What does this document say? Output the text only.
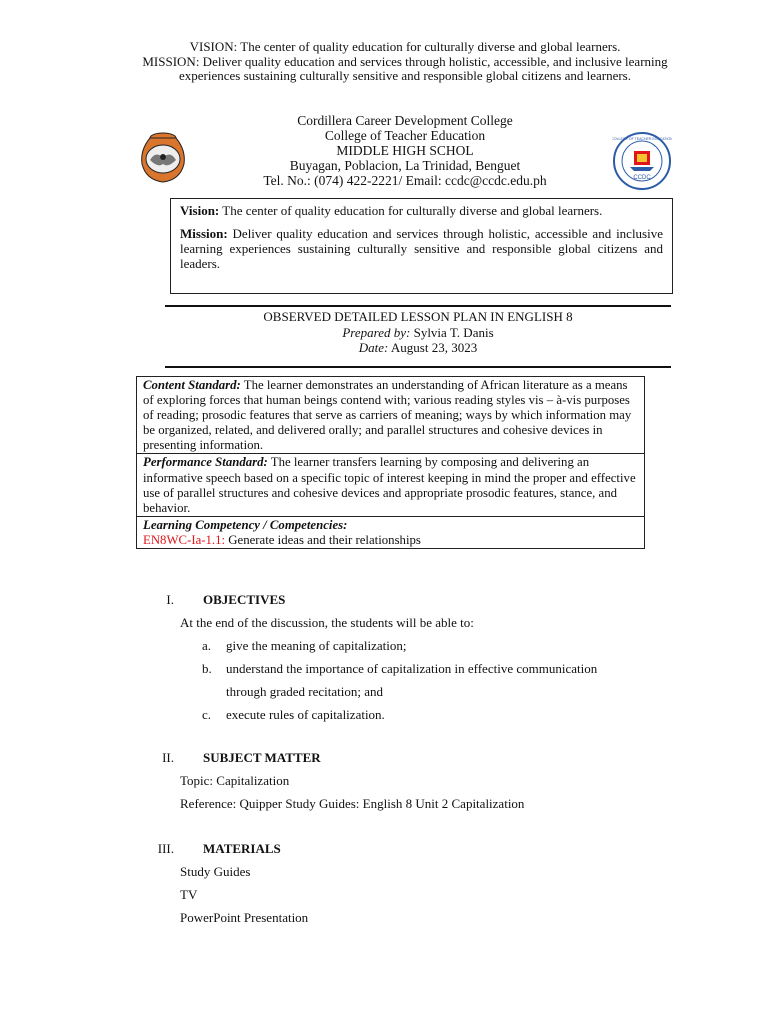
VISION: The center of quality education for culturally diverse and global learners.
MISSION: Deliver quality education and services through holistic, accessible, and inclusive learning experiences sustaining culturally sensitive and responsible global citizens and learners.
CCDC
COLLEGE OF TEACHER EDUCATION
Cordillera Career Development College
College of Teacher Education
MIDDLE HIGH SCHOL
Buyagan, Poblacion, La Trinidad, Benguet
Tel. No.: (074) 422-2221/ Email: ccdc@ccdc.edu.ph

Vision: The center of quality education for culturally diverse and global learners.

Mission: Deliver quality education and services through holistic, accessible and inclusive learning experiences sustaining culturally sensitive and responsible global citizens and leaders.

OBSERVED DETAILED LESSON PLAN IN ENGLISH 8
Prepared by: Sylvia T. Danis
Date: August 23, 3023
Content Standard: The learner demonstrates an understanding of African literature as a means of exploring forces that human beings contend with; various reading styles vis – à-vis purposes of reading; prosodic features that serve as carriers of meaning; ways by which information may be organized, related, and delivered orally; and parallel structures and cohesive devices in presenting information.
Performance Standard: The learner transfers learning by composing and delivering an informative speech based on a specific topic of interest keeping in mind the proper and effective use of parallel structures and cohesive devices and appropriate prosodic features, stance, and behavior.
Learning Competency / Competencies:
EN8WC-Ia-1.1: Generate ideas and their relationships
I. OBJECTIVES
At the end of the discussion, the students will be able to:
a. give the meaning of capitalization;
b. understand the importance of capitalization in effective communication
through graded recitation; and
c. execute rules of capitalization.
II. SUBJECT MATTER
Topic: Capitalization
Reference: Quipper Study Guides: English 8 Unit 2 Capitalization
III. MATERIALS
Study Guides
TV
PowerPoint Presentation
